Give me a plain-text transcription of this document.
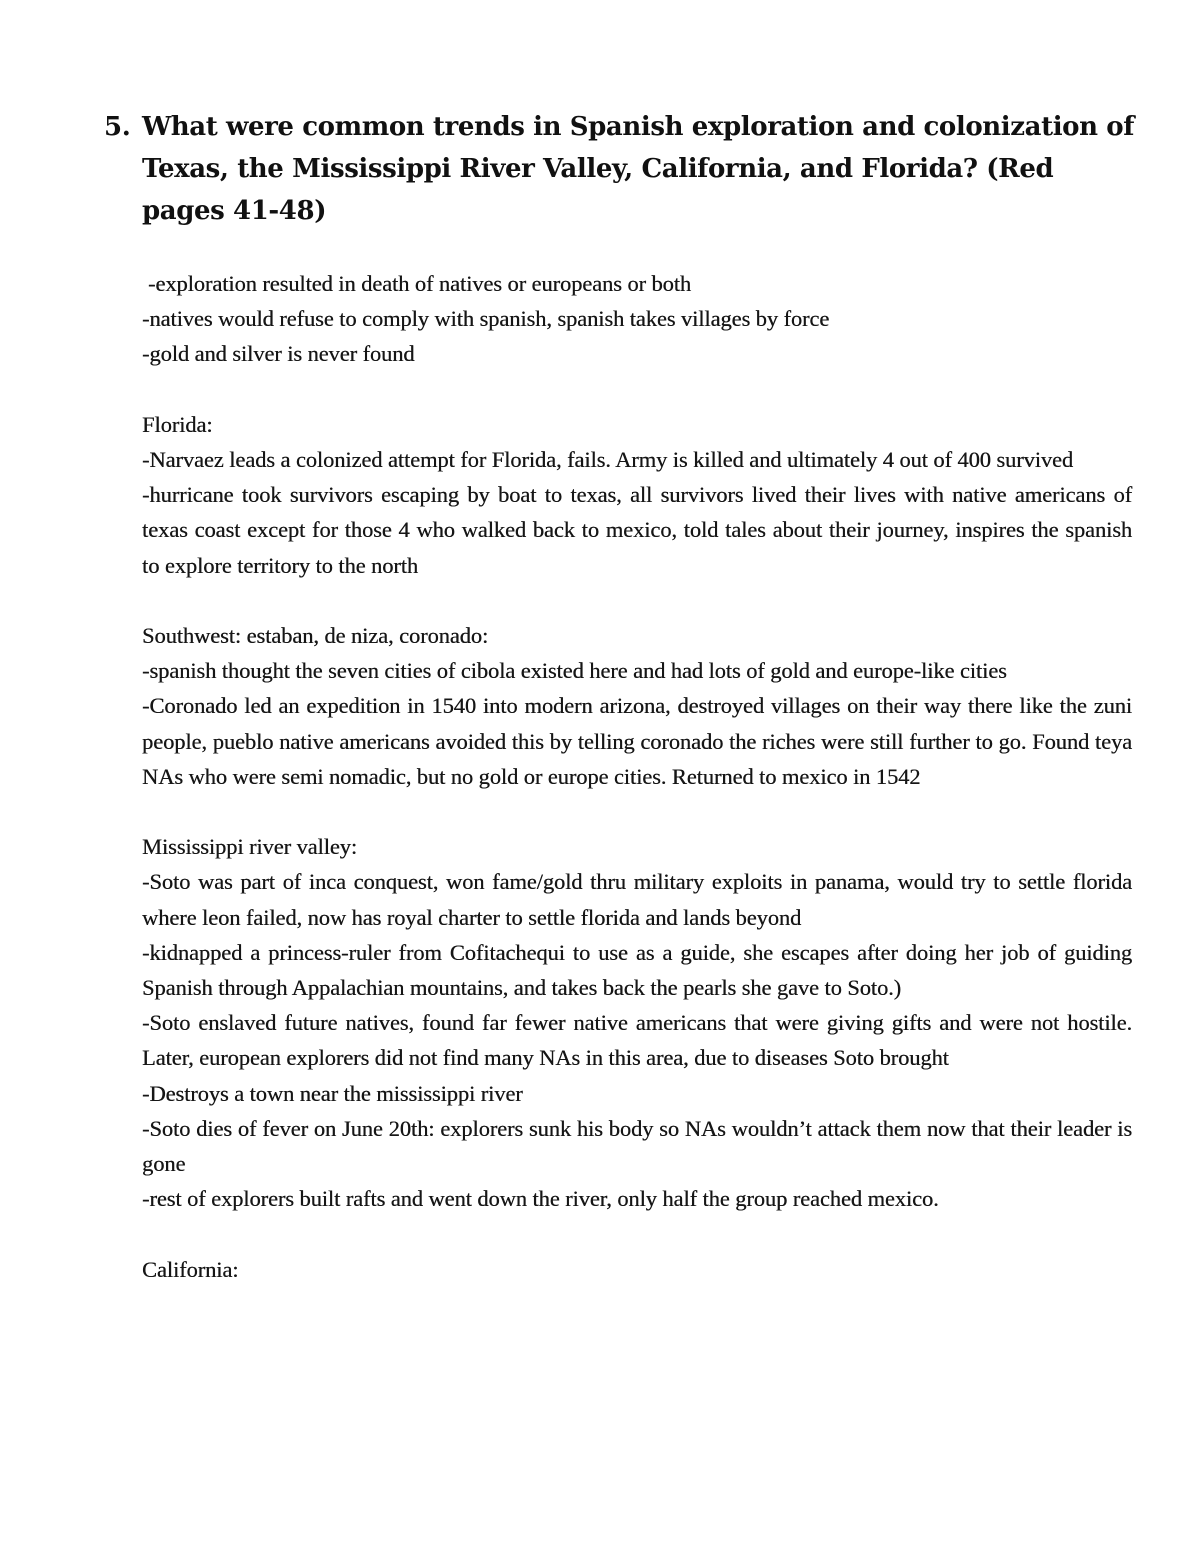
5. What were common trends in Spanish exploration and colonization of Texas, the Mississippi River Valley, California, and Florida? (Red pages 41-48)
-exploration resulted in death of natives or europeans or both
-natives would refuse to comply with spanish, spanish takes villages by force
-gold and silver is never found
Florida:
-Narvaez leads a colonized attempt for Florida, fails. Army is killed and ultimately 4 out of 400 survived
-hurricane took survivors escaping by boat to texas, all survivors lived their lives with native americans of texas coast except for those 4 who walked back to mexico, told tales about their journey, inspires the spanish to explore territory to the north
Southwest: estaban, de niza, coronado:
-spanish thought the seven cities of cibola existed here and had lots of gold and europe-like cities
-Coronado led an expedition in 1540 into modern arizona, destroyed villages on their way there like the zuni people, pueblo native americans avoided this by telling coronado the riches were still further to go. Found teya NAs who were semi nomadic, but no gold or europe cities. Returned to mexico in 1542
Mississippi river valley:
-Soto was part of inca conquest, won fame/gold thru military exploits in panama, would try to settle florida where leon failed, now has royal charter to settle florida and lands beyond
-kidnapped a princess-ruler from Cofitachequi to use as a guide, she escapes after doing her job of guiding Spanish through Appalachian mountains, and takes back the pearls she gave to Soto.)
-Soto enslaved future natives, found far fewer native americans that were giving gifts and were not hostile. Later, european explorers did not find many NAs in this area, due to diseases Soto brought
-Destroys a town near the mississippi river
-Soto dies of fever on June 20th: explorers sunk his body so NAs wouldn’t attack them now that their leader is gone
-rest of explorers built rafts and went down the river, only half the group reached mexico.
California:
